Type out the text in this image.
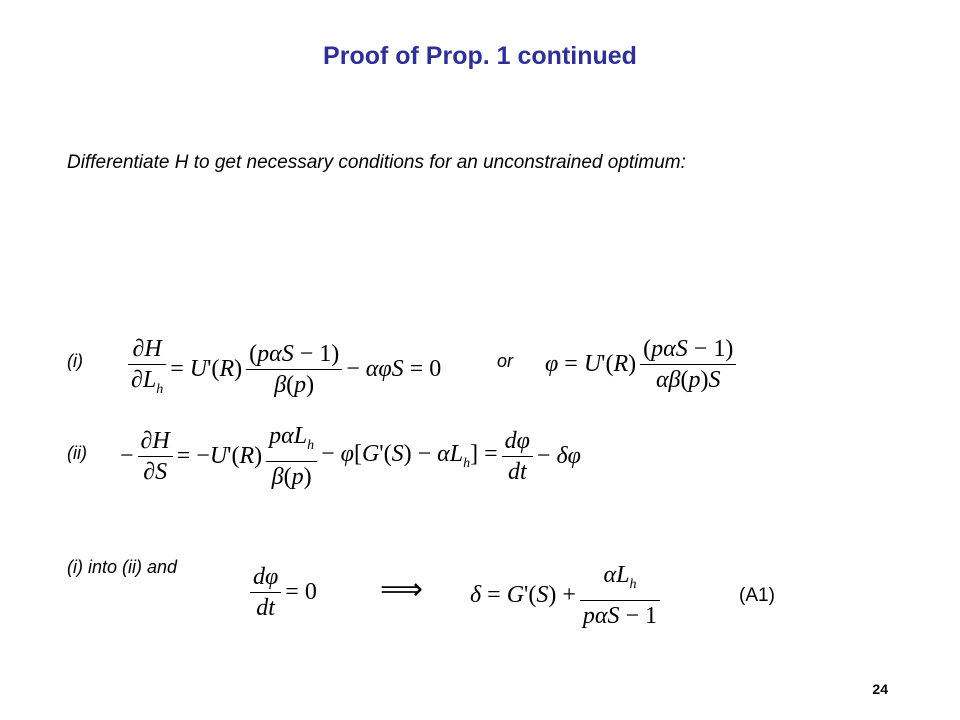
Proof of Prop. 1 continued
Differentiate H to get necessary conditions for an unconstrained optimum:
$(i) \frac{\partial H}{\partial L_h} = U'(R) \frac{\text{(pαS − 1)}}{\beta(p)} - \alpha\varphi S = 0$	or $\varphi = U'(R) \frac{\text{(pαS − 1)}}{\alpha\beta(p)S}$
$(ii) - \frac{\partial H}{\partial S} = -U'(R) \frac{p\alpha L_h}{\beta(p)} - \varphi[G'(S) - \alpha L_h] = \frac{d\varphi}{dt} - \delta\varphi$
(i) into (ii) and	$\frac{d\varphi}{dt} = 0$ ⟹ $\delta = G'(S) + \frac{\alpha L_h}{\text{pαS − 1}}$	(A1)
24
